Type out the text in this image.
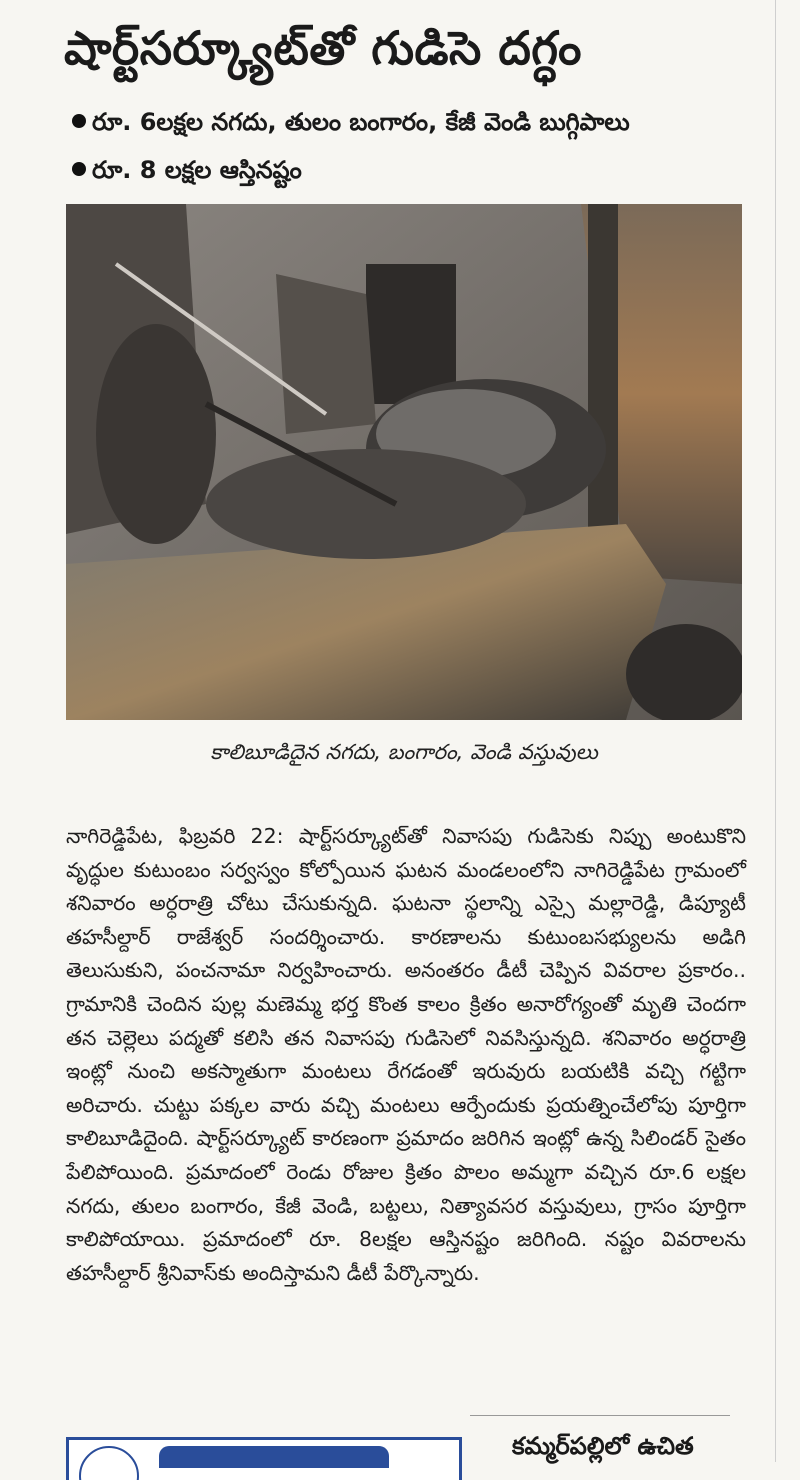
షార్ట్‌సర్క్యూట్‌తో గుడిసె దగ్ధం
రూ. 6లక్షల నగదు, తులం బంగారం, కేజీ వెండి బుగ్గిపాలు
రూ. 8 లక్షల ఆస్తినష్టం
కాలిబూడిదైన నగదు, బంగారం, వెండి వస్తువులు
నాగిరెడ్డిపేట, ఫిబ్రవరి 22: షార్ట్‌సర్క్యూట్‌తో నివాసపు గుడిసెకు నిప్పు అంటుకొని వృద్ధుల కుటుంబం సర్వస్వం కోల్పోయిన ఘటన మండలంలోని నాగిరెడ్డిపేట గ్రామంలో శనివారం అర్ధరాత్రి చోటు చేసుకున్నది. ఘటనా స్థలాన్ని ఎస్సై మల్లారెడ్డి, డిప్యూటీ తహసీల్దార్ రాజేశ్వర్ సందర్శించారు. కారణాలను కుటుంబసభ్యులను అడిగి తెలుసుకుని, పంచనామా నిర్వహించారు. అనంతరం డీటీ చెప్పిన వివరాల ప్రకారం.. గ్రామానికి చెందిన పుల్ల మణెమ్మ భర్త కొంత కాలం క్రితం అనారోగ్యంతో మృతి చెందగా తన చెల్లెలు పద్మతో కలిసి తన నివాసపు గుడిసెలో నివసిస్తున్నది. శనివారం అర్ధరాత్రి ఇంట్లో నుంచి అకస్మాతుగా మంటలు రేగడంతో ఇరువురు బయటికి వచ్చి గట్టిగా అరిచారు. చుట్టు పక్కల వారు వచ్చి మంటలు ఆర్పేందుకు ప్రయత్నించేలోపు పూర్తిగా కాలిబూడిదైంది. షార్ట్‌సర్క్యూట్ కారణంగా ప్రమాదం జరిగిన ఇంట్లో ఉన్న సిలిండర్ సైతం పేలిపోయింది. ప్రమాదంలో రెండు రోజుల క్రితం పొలం అమ్మగా వచ్చిన రూ.6 లక్షల నగదు, తులం బంగారం, కేజీ వెండి, బట్టలు, నిత్యావసర వస్తువులు, గ్రాసం పూర్తిగా కాలిపోయాయి. ప్రమాదంలో రూ. 8లక్షల ఆస్తినష్టం జరిగింది. నష్టం వివరాలను తహసీల్దార్ శ్రీనివాస్‌కు అందిస్తామని డీటీ పేర్కొన్నారు.
కమ్మర్‌పల్లిలో ఉచిత
